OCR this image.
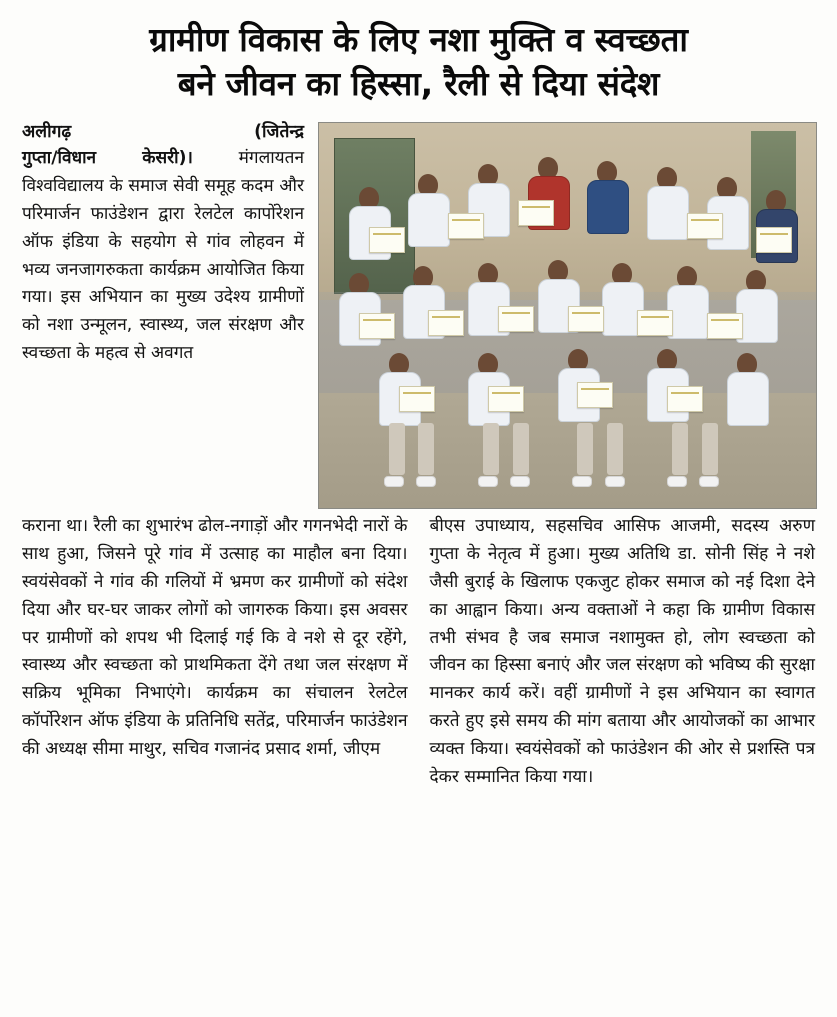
ग्रामीण विकास के लिए नशा मुक्ति व स्वच्छता
बने जीवन का हिस्सा, रैली से दिया संदेश
अलीगढ़	(जितेन्द्र

गुप्ता/विधान केसरी)।	मंगलायतन विश्वविद्यालय के समाज सेवी समूह कदम और परिमार्जन फाउंडेशन द्वारा रेलटेल कापोंरेशन ऑफ इंडिया के सहयोग से गांव लोहवन में भव्य जनजागरुकता कार्यक्रम आयोजित किया गया। इस अभियान का मुख्य उदेश्य ग्रामीणों को नशा उन्मूलन, स्वास्थ्य, जल संरक्षण और स्वच्छता के महत्व से अवगत

कराना था। रैली का शुभारंभ ढोल-नगाड़ों और गगनभेदी नारों के साथ हुआ, जिसने पूरे गांव में उत्साह का माहौल बना दिया। स्वयंसेवकों ने गांव की गलियों में भ्रमण कर ग्रामीणों को संदेश दिया और घर-घर जाकर लोगों को जागरुक किया। इस अवसर पर ग्रामीणों को शपथ भी दिलाई गई कि वे नशे से दूर रहेंगे, स्वास्थ्य और स्वच्छता को प्राथमिकता देंगे तथा जल संरक्षण में सक्रिय भूमिका निभाएंगे। कार्यक्रम का संचालन रेलटेल कॉर्पोरेशन ऑफ इंडिया के प्रतिनिधि सतेंद्र, परिमार्जन फाउंडेशन की अध्यक्ष सीमा माथुर, सचिव गजानंद प्रसाद शर्मा, जीएम

बीएस उपाध्याय, सहसचिव आसिफ आजमी, सदस्य अरुण गुप्ता के नेतृत्व में हुआ। मुख्य अतिथि डा. सोनी सिंह ने नशे जैसी बुराई के खिलाफ एकजुट होकर समाज को नई दिशा देने का आह्वान किया। अन्य वक्ताओं ने कहा कि ग्रामीण विकास तभी संभव है जब समाज नशामुक्त हो, लोग स्वच्छता को जीवन का हिस्सा बनाएं और जल संरक्षण को भविष्य की सुरक्षा मानकर कार्य करें। वहीं ग्रामीणों ने इस अभियान का स्वागत करते हुए इसे समय की मांग बताया और आयोजकों का आभार व्यक्त किया। स्वयंसेवकों को फाउंडेशन की ओर से प्रशस्ति पत्र देकर सम्मानित किया गया।
